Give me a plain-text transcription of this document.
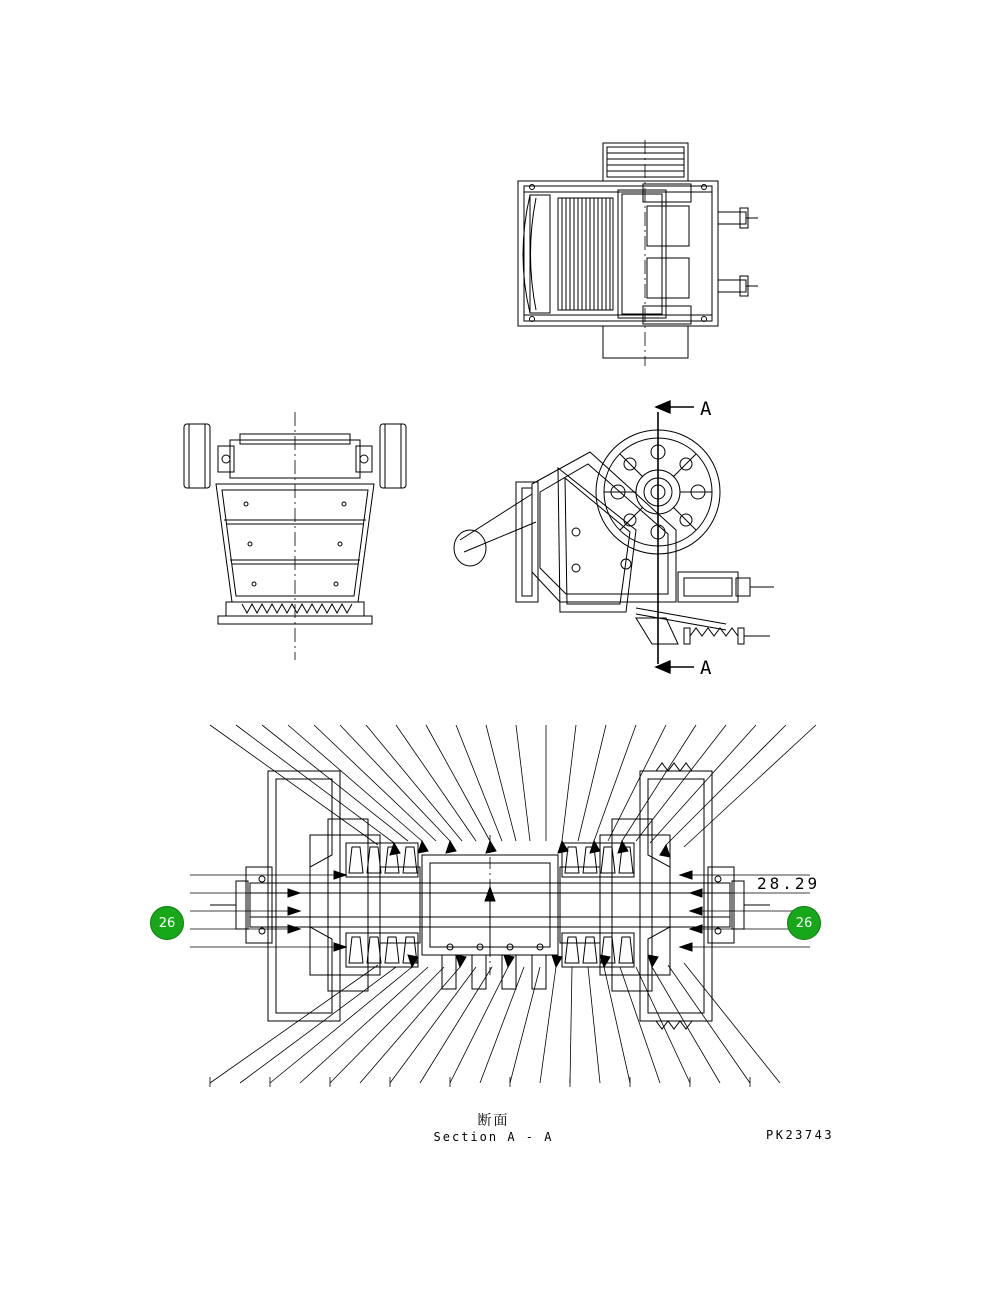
A
A
28.29
26	26
断面
Section A - A	PK23743
